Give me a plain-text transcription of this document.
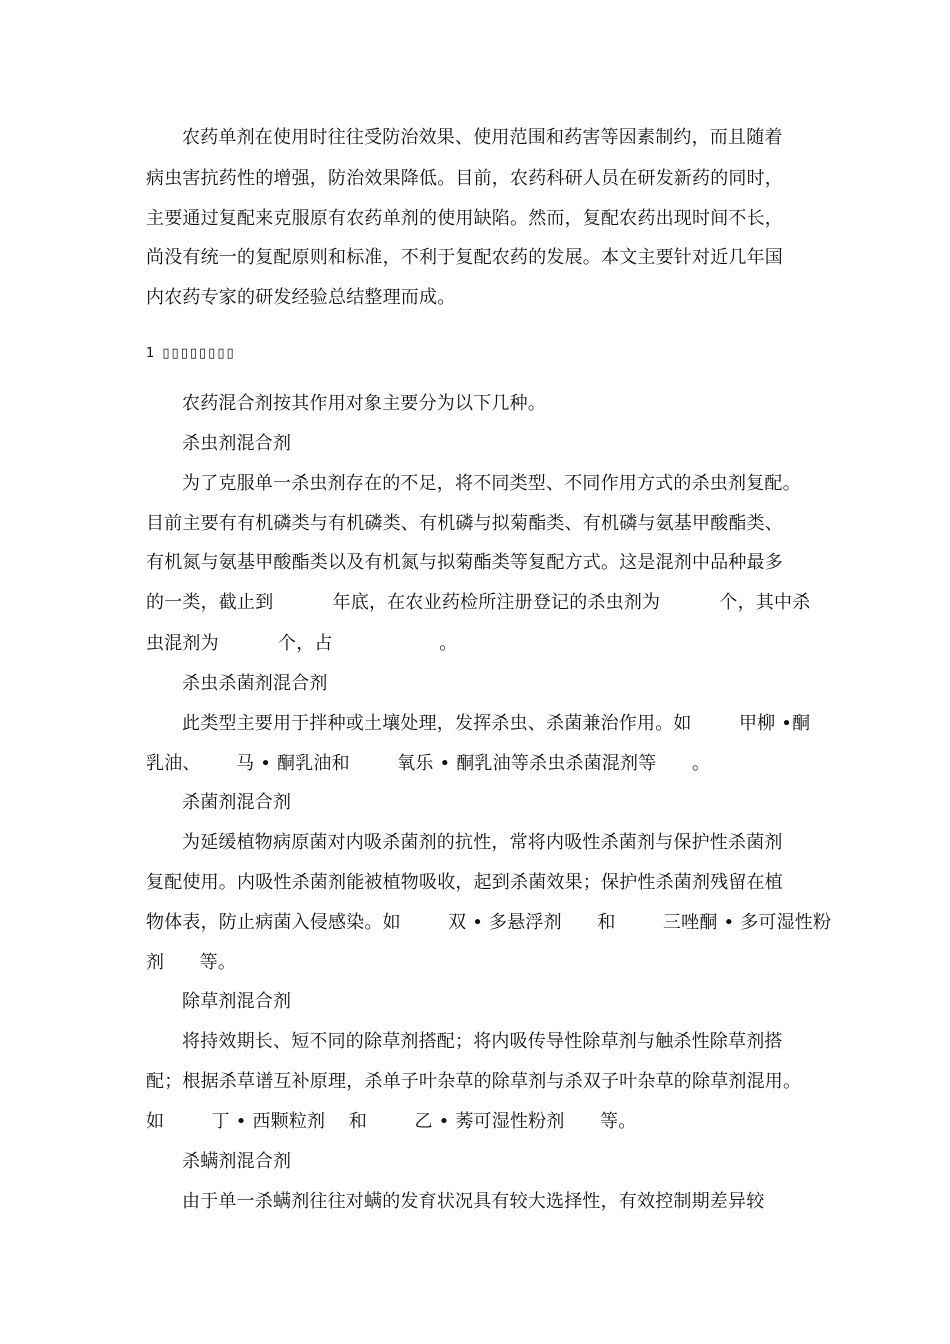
农药单剂在使用时往往受防治效果、使用范围和药害等因素制约，而且随着
病虫害抗药性的增强，防治效果降低。目前，农药科研人员在研发新药的同时，
主要通过复配来克服原有农药单剂的使用缺陷。然而，复配农药出现时间不长，
尚没有统一的复配原则和标准，不利于复配农药的发展。本文主要针对近几年国
内农药专家的研发经验总结整理而成。
1 ▯▯▯▯▯▯▯▯
农药混合剂按其作用对象主要分为以下几种。
杀虫剂混合剂
为了克服单一杀虫剂存在的不足，将不同类型、不同作用方式的杀虫剂复配。
目前主要有有机磷类与有机磷类、有机磷与拟菊酯类、有机磷与氨基甲酸酯类、
有机氮与氨基甲酸酯类以及有机氮与拟菊酯类等复配方式。这是混剂中品种最多
的一类，截止到          年底，在农业药检所注册登记的杀虫剂为          个，其中杀
虫混剂为          个，占                  。
杀虫杀菌剂混合剂
此类型主要用于拌种或土壤处理，发挥杀虫、杀菌兼治作用。如        甲柳 •酮
乳油、      马 • 酮乳油和        氧乐 • 酮乳油等杀虫杀菌混剂等      。
杀菌剂混合剂
为延缓植物病原菌对内吸杀菌剂的抗性，常将内吸性杀菌剂与保护性杀菌剂
复配使用。内吸性杀菌剂能被植物吸收，起到杀菌效果；保护性杀菌剂残留在植
物体表，防止病菌入侵感染。如        双 • 多悬浮剂      和        三唑酮 • 多可湿性粉
剂      等。
除草剂混合剂
将持效期长、短不同的除草剂搭配；将内吸传导性除草剂与触杀性除草剂搭
配；根据杀草谱互补原理，杀单子叶杂草的除草剂与杀双子叶杂草的除草剂混用。
如        丁 • 西颗粒剂    和        乙 • 莠可湿性粉剂      等。
杀螨剂混合剂
由于单一杀螨剂往往对螨的发育状况具有较大选择性，有效控制期差异较
